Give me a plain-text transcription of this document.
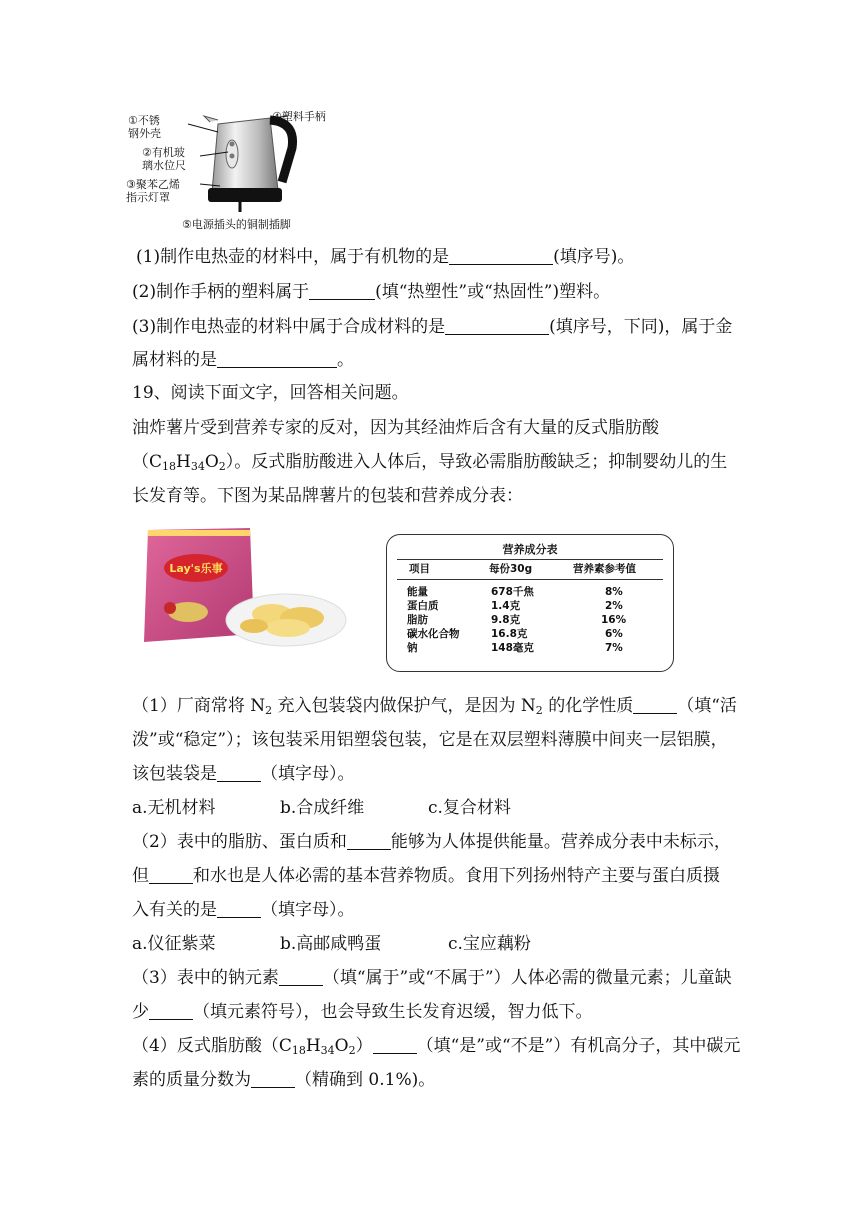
①不锈
钢外壳
②有机玻
璃水位尺
③聚苯乙烯
指示灯罩
④塑料手柄
⑤电源插头的铜制插脚
(1)制作电热壶的材料中，属于有机物的是	(填序号)。
(2)制作手柄的塑料属于	(填“热塑性”或“热固性”)塑料。
(3)制作电热壶的材料中属于合成材料的是	(填序号，下同)，属于金
属材料的是	。
19、阅读下面文字，回答相关问题。
油炸薯片受到营养专家的反对，因为其经油炸后含有大量的反式脂肪酸
$(C_{18}H_{34}O_2)$。反式脂肪酸进入人体后，导致必需脂肪酸缺乏；抑制婴幼儿的生
长发育等。下图为某品牌薯片的包装和营养成分表：
Lay's乐事
营养成分表
项目	每份30g	营养素参考值
能量	678千焦	8%
蛋白质	1.4克	2%
脂肪	9.8克	16%
碳水化合物	16.8克	6%
钠	148毫克	7%
（1）厂商常将 $N_2$ 充入包装袋内做保护气，是因为 $N_2$ 的化学性质	（填“活
泼”或“稳定”）；该包装采用铝塑袋包装，它是在双层塑料薄膜中间夹一层铝膜，
该包装袋是	（填字母）。
a.无机材料	b.合成纤维	c.复合材料
（2）表中的脂肪、蛋白质和	能够为人体提供能量。营养成分表中未标示，
但	和水也是人体必需的基本营养物质。食用下列扬州特产主要与蛋白质摄
入有关的是	（填字母）。
a.仪征紫菜	b.高邮咸鸭蛋	c.宝应藕粉
（3）表中的钠元素	（填“属于”或“不属于”）人体必需的微量元素；儿童缺
少	（填元素符号），也会导致生长发育迟缓，智力低下。
（4）反式脂肪酸$(C_{18}H_{34}O_2)$	（填“是”或“不是”）有机高分子，其中碳元
素的质量分数为	（精确到 0.1%)。
